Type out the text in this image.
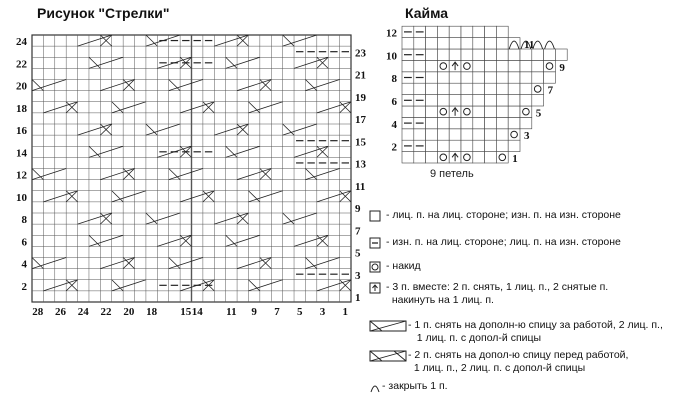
2
4
6
8
10
12
14
16
18
20
22
24
1
3
5
7
9
11
13
15
17
19
21
23
28 26 24 22 20 18 15 14 11 9 7 5 3 1
2
4
6
8
10
12
1
3
5
7
9
11
Рисунок "Стрелки"	Кайма
9 петель
- лиц. п. на лиц. стороне; изн. п. на изн. стороне
- изн. п. на лиц. стороне; лиц. п. на изн. стороне
- накид
- 3 п. вместе: 2 п. снять, 1 лиц. п., 2 снятые п.
накинуть на 1 лиц. п.
- 1 п. снять на дополн-ю спицу за работой, 2 лиц. п.,
1 лиц. п. с допол-й спицы
- 2 п. снять на допол-ю спицу перед работой,
1 лиц. п., 2 лиц. п. с допол-й спицы
- закрыть 1 п.
